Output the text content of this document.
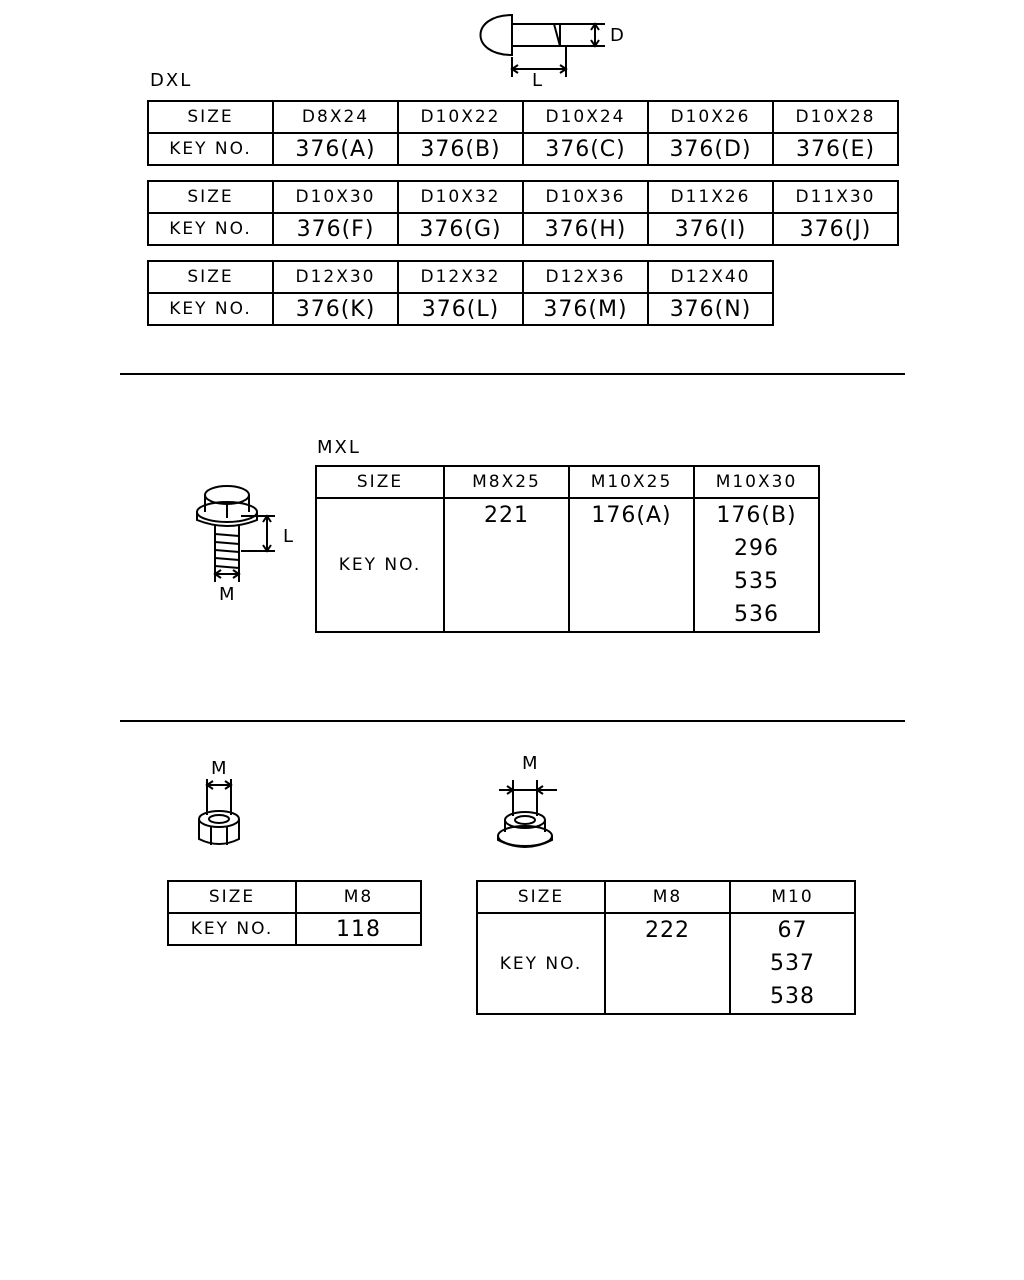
D
L
DXL
SIZE	D8X24	D10X22	D10X24	D10X26	D10X28
KEY NO.	376(A)	376(B)	376(C)	376(D)	376(E)
SIZE	D10X30	D10X32	D10X36	D11X26	D11X30
KEY NO.	376(F)	376(G)	376(H)	376(I)	376(J)
SIZE	D12X30	D12X32	D12X36	D12X40
KEY NO.	376(K)	376(L)	376(M)	376(N)
L
M
MXL
SIZE	M8X25	M10X25	M10X30
KEY NO.	221	176(A)	176(B)
296
535
536
M	M
SIZE	M8
KEY NO.	118
SIZE	M8	M10
KEY NO.	222	67
537
538
